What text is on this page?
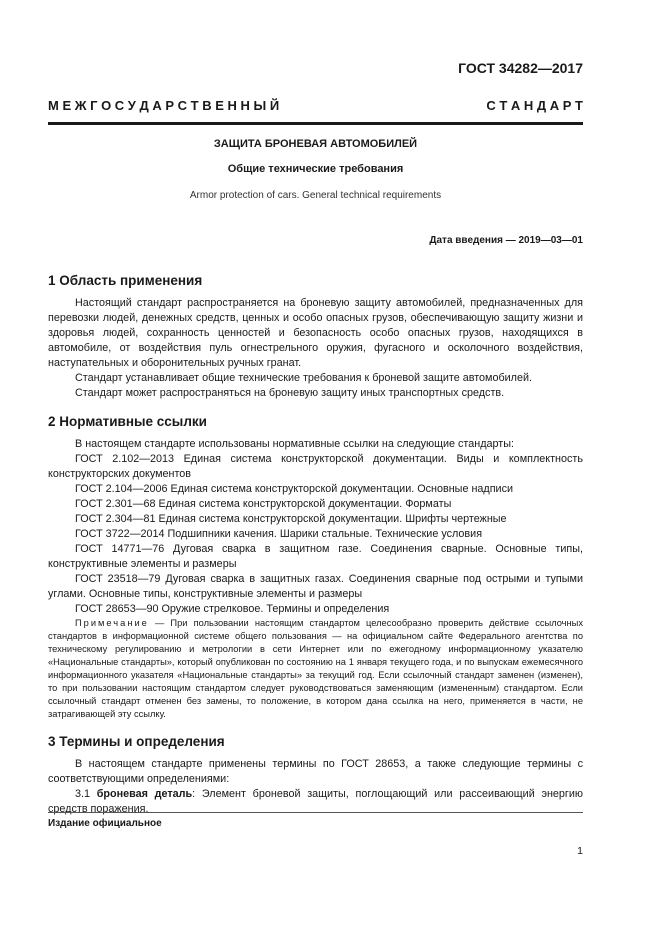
ГОСТ 34282—2017
М Е Ж Г О С У Д А Р С Т В Е Н Н Ы Й	С Т А Н Д А Р Т
ЗАЩИТА БРОНЕВАЯ АВТОМОБИЛЕЙ
Общие технические требования
Armor protection of cars. General technical requirements
Дата введения — 2019—03—01
1 Область применения

Настоящий стандарт распространяется на броневую защиту автомобилей, предназначенных для перевозки людей, денежных средств, ценных и особо опасных грузов, обеспечивающую защиту жизни и здоровья людей, сохранность ценностей и безопасность особо опасных грузов, находящихся в автомобиле, от воздействия пуль огнестрельного оружия, фугасного и осколочного воздействия, наступательных и оборонительных ручных гранат.

Стандарт устанавливает общие технические требования к броневой защите автомобилей.

Стандарт может распространяться на броневую защиту иных транспортных средств.

2 Нормативные ссылки

В настоящем стандарте использованы нормативные ссылки на следующие стандарты:

ГОСТ 2.102—2013 Единая система конструкторской документации. Виды и комплектность конструкторских документов

ГОСТ 2.104—2006 Единая система конструкторской документации. Основные надписи

ГОСТ 2.301—68 Единая система конструкторской документации. Форматы

ГОСТ 2.304—81 Единая система конструкторской документации. Шрифты чертежные

ГОСТ 3722—2014 Подшипники качения. Шарики стальные. Технические условия

ГОСТ 14771—76 Дуговая сварка в защитном газе. Соединения сварные. Основные типы, конструктивные элементы и размеры

ГОСТ 23518—79 Дуговая сварка в защитных газах. Соединения сварные под острыми и тупыми углами. Основные типы, конструктивные элементы и размеры

ГОСТ 28653—90 Оружие стрелковое. Термины и определения

Примечание — При пользовании настоящим стандартом целесообразно проверить действие ссылочных стандартов в информационной системе общего пользования — на официальном сайте Федерального агентства по техническому регулированию и метрологии в сети Интернет или по ежегодному информационному указателю «Национальные стандарты», который опубликован по состоянию на 1 января текущего года, и по выпускам ежемесячного информационного указателя «Национальные стандарты» за текущий год. Если ссылочный стандарт заменен (изменен), то при пользовании настоящим стандартом следует руководствоваться заменяющим (измененным) стандартом. Если ссылочный стандарт отменен без замены, то положение, в котором дана ссылка на него, применяется в части, не затрагивающей эту ссылку.

3 Термины и определения

В настоящем стандарте применены термины по ГОСТ 28653, а также следующие термины с соответствующими определениями:

3.1 броневая деталь: Элемент броневой защиты, поглощающий или рассеивающий энергию средств поражения.

Издание официальное
1
